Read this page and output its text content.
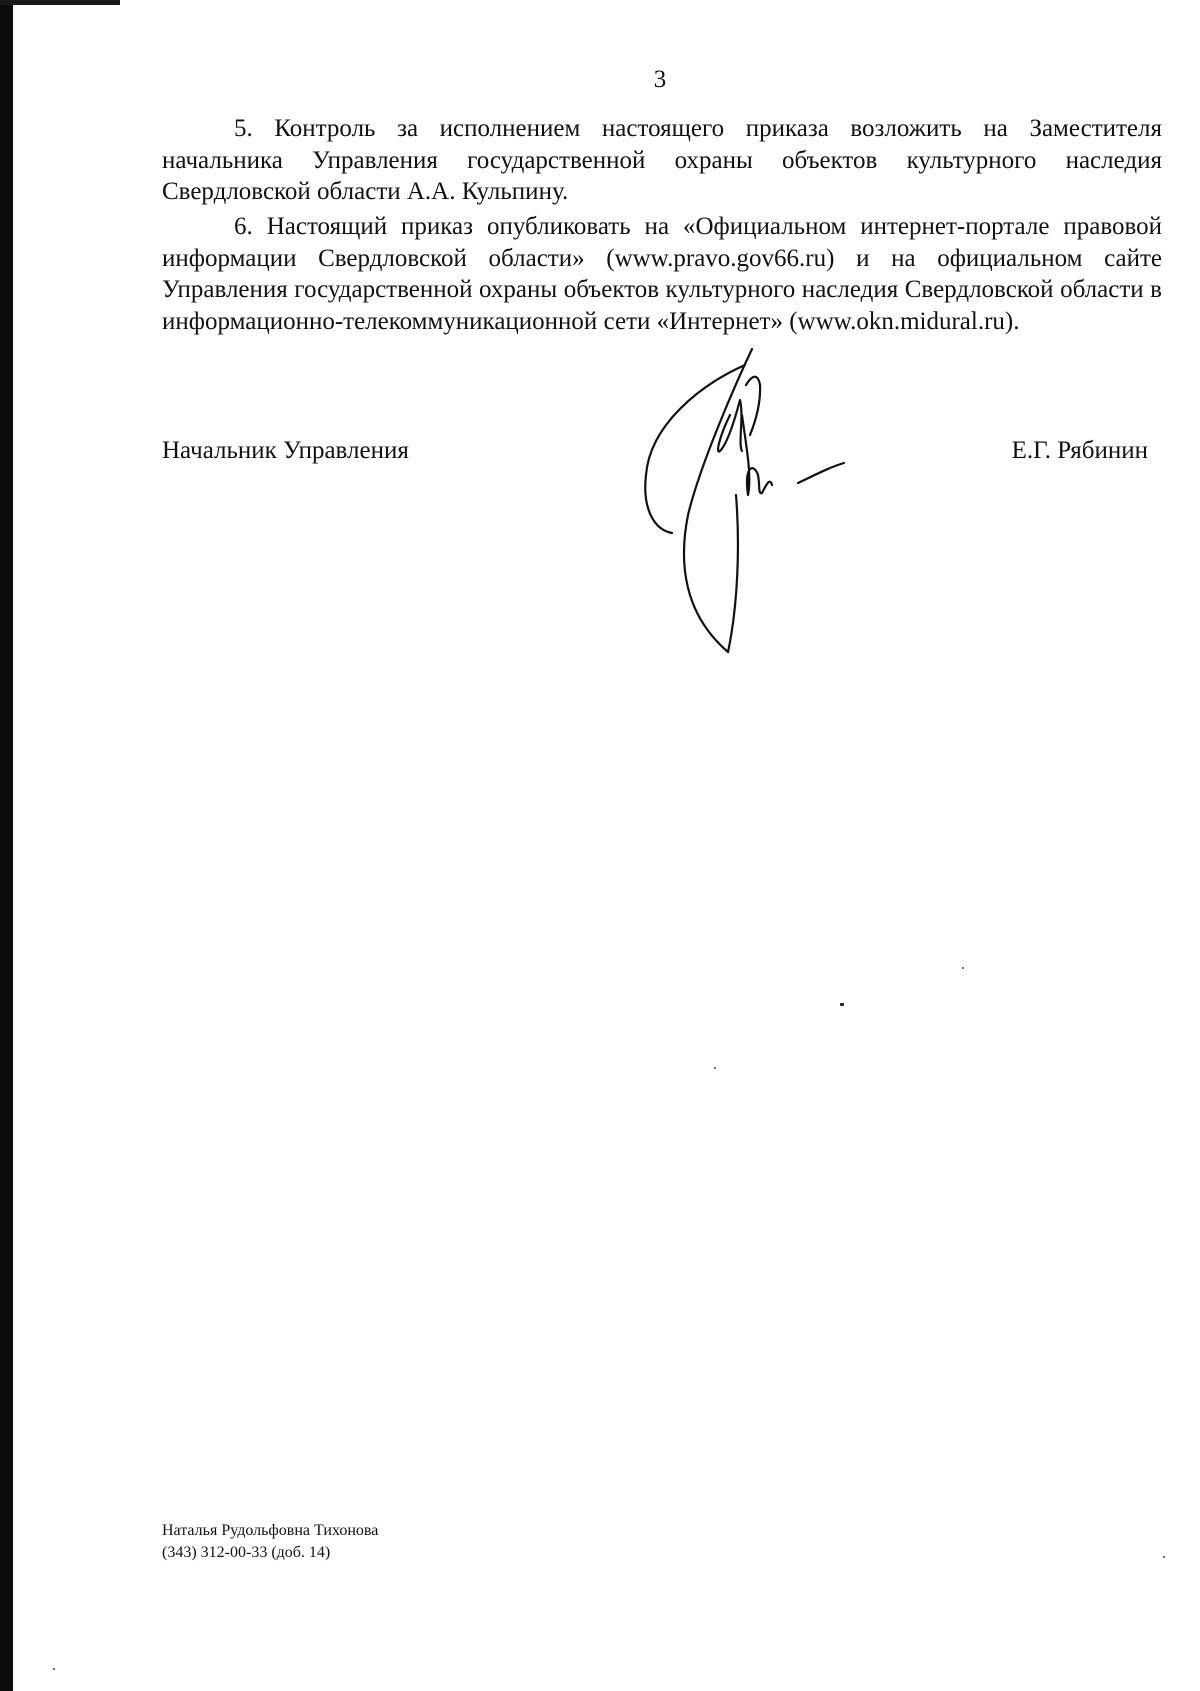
3

5. Контроль за исполнением настоящего приказа возложить на Заместителя начальника Управления государственной охраны объектов культурного наследия Свердловской области А.А. Кульпину.

6. Настоящий приказ опубликовать на «Официальном интернет-портале правовой информации Свердловской области» (www.pravo.gov66.ru) и на официальном сайте Управления государственной охраны объектов культурного наследия Свердловской области в информационно-телекоммуникационной сети «Интернет» (www.okn.midural.ru).

Начальник Управления	Е.Г. Рябинин
Наталья Рудольфовна Тихонова
(343) 312-00-33 (доб. 14)
